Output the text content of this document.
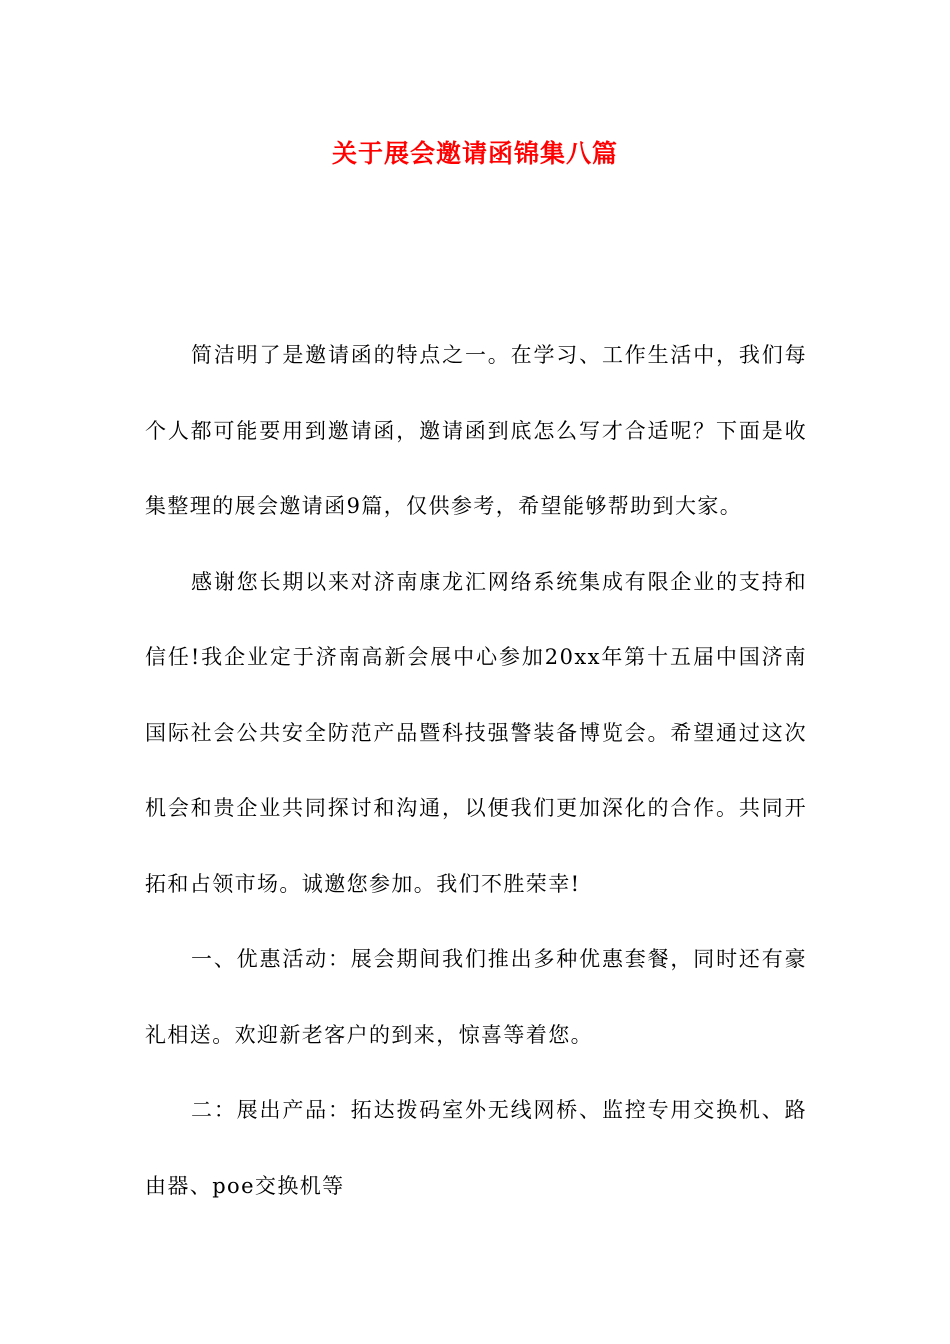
关于展会邀请函锦集八篇

简洁明了是邀请函的特点之一。在学习、工作生活中，我们每个人都可能要用到邀请函，邀请函到底怎么写才合适呢？下面是收集整理的展会邀请函9篇，仅供参考，希望能够帮助到大家。

感谢您长期以来对济南康龙汇网络系统集成有限企业的支持和信任!我企业定于济南高新会展中心参加20xx年第十五届中国济南国际社会公共安全防范产品暨科技强警装备博览会。希望通过这次机会和贵企业共同探讨和沟通，以便我们更加深化的合作。共同开拓和占领市场。诚邀您参加。我们不胜荣幸!

一、优惠活动：展会期间我们推出多种优惠套餐，同时还有豪礼相送。欢迎新老客户的到来，惊喜等着您。

二：展出产品：拓达拨码室外无线网桥、监控专用交换机、路由器、poe交换机等
